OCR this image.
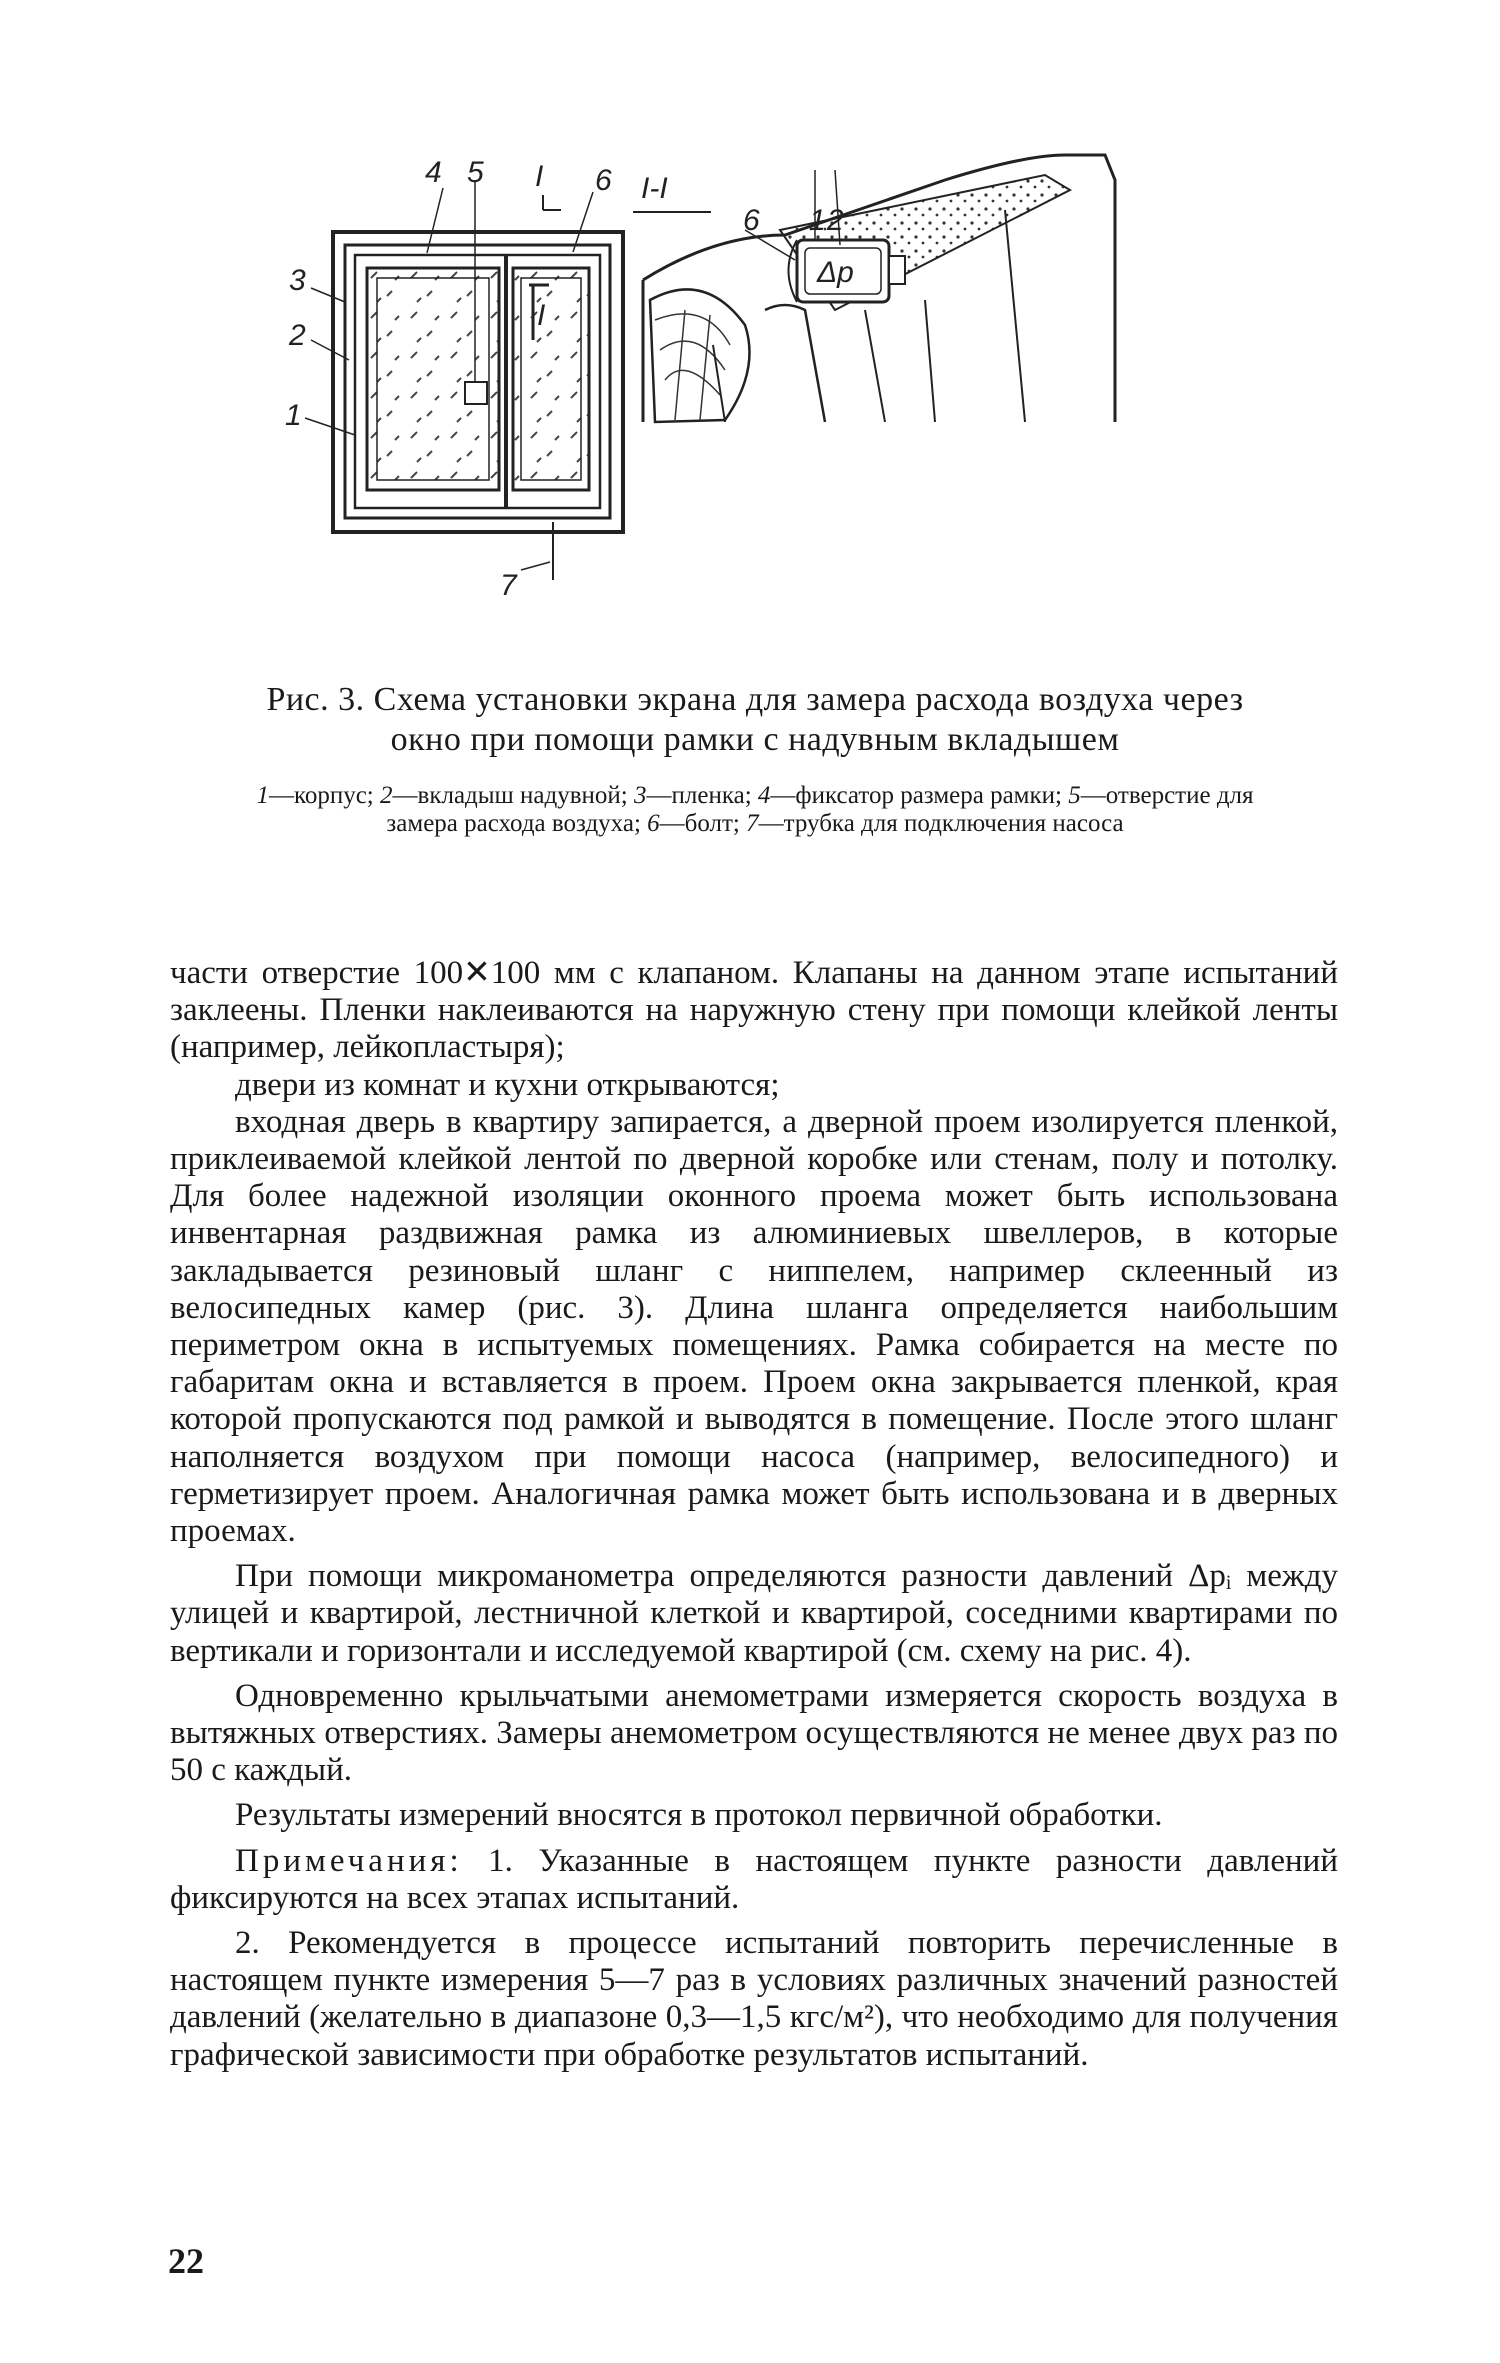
4 5 I
I
6
3
2
1
7
I-I
6 1 2
Δp

Рис. 3. Схема установки экрана для замера расхода воздуха через окно при помощи рамки с надувным вкладышем

1—корпус; 2—вкладыш надувной; 3—пленка; 4—фиксатор размера рамки; 5—отверстие для замера расхода воздуха; 6—болт; 7—трубка для подключения насоса

части отверстие 100✕100 мм с клапаном. Клапаны на данном этапе испытаний заклеены. Пленки наклеиваются на наружную стену при помощи клейкой ленты (например, лейкопластыря);

двери из комнат и кухни открываются;

входная дверь в квартиру запирается, а дверной проем изолируется пленкой, приклеиваемой клейкой лентой по дверной коробке или стенам, полу и потолку. Для более надежной изоляции оконного проема может быть использована инвентарная раздвижная рамка из алюминиевых швеллеров, в которые закладывается резиновый шланг с ниппелем, например склеенный из велосипедных камер (рис. 3). Длина шланга определяется наибольшим периметром окна в испытуемых помещениях. Рамка собирается на месте по габаритам окна и вставляется в проем. Проем окна закрывается пленкой, края которой пропускаются под рамкой и выводятся в помещение. После этого шланг наполняется воздухом при помощи насоса (например, велосипедного) и герметизирует проем. Аналогичная рамка может быть использована и в дверных проемах.

При помощи микроманометра определяются разности давлений Δpᵢ между улицей и квартирой, лестничной клеткой и квартирой, соседними квартирами по вертикали и горизонтали и исследуемой квартирой (см. схему на рис. 4).

Одновременно крыльчатыми анемометрами измеряется скорость воздуха в вытяжных отверстиях. Замеры анемометром осуществляются не менее двух раз по 50 с каждый.

Результаты измерений вносятся в протокол первичной обработки.

Примечания: 1. Указанные в настоящем пункте разности давлений фиксируются на всех этапах испытаний.

2. Рекомендуется в процессе испытаний повторить перечисленные в настоящем пункте измерения 5—7 раз в условиях различных значений разностей давлений (желательно в диапазоне 0,3—1,5 кгс/м²), что необходимо для получения графической зависимости при обработке результатов испытаний.

22
